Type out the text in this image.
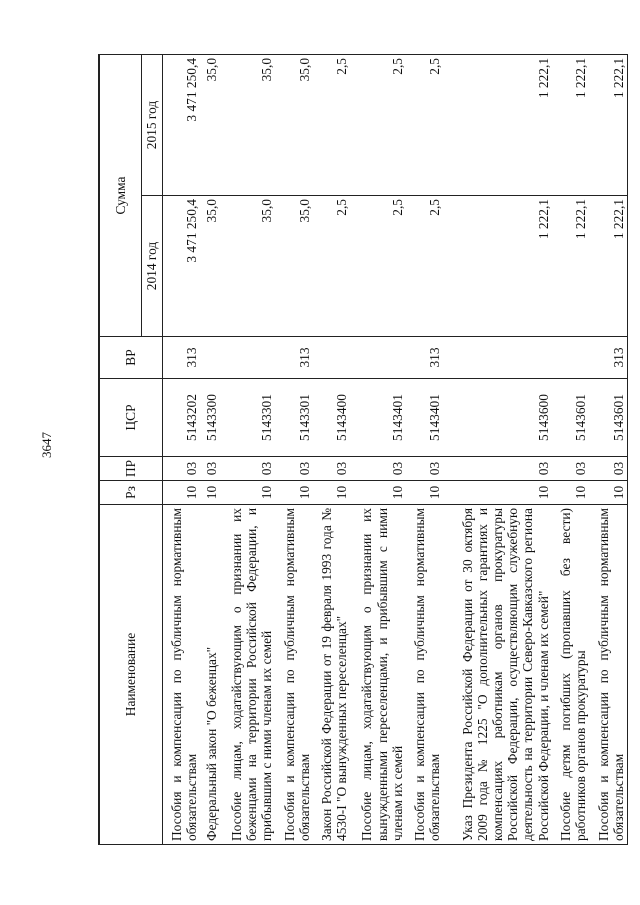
3647
Наименование	Рз	ПР	ЦСР	ВР	Сумма	
					2014 год	2015 год
Пособия и компенсации по публичным нормативным обязательствам	10	03	5143202	313	3 471 250,4	3 471 250,4
Федеральный закон "О беженцах"	10	03	5143300		35,0	35,0
Пособие лицам, ходатайствующим о признании их беженцами на территории Российской Федерации, и прибывшим с ними членам их семей	10	03	5143301		35,0	35,0
Пособия и компенсации по публичным нормативным обязательствам	10	03	5143301	313	35,0	35,0
Закон Российской Федерации от 19 февраля 1993 года № 4530-I "О вынужденных переселенцах"	10	03	5143400		2,5	2,5
Пособие лицам, ходатайствующим о признании их вынужденными переселенцами, и прибывшим с ними членам их семей	10	03	5143401		2,5	2,5
Пособия и компенсации по публичным нормативным обязательствам	10	03	5143401	313	2,5	2,5
Указ Президента Российской Федерации от 30 октября 2009 года № 1225 "О дополнительных гарантиях и компенсациях работникам органов прокуратуры Российской Федерации, осуществляющим служебную деятельность на территории Северо-Кавказского региона Российской Федерации, и членам их семей"	10	03	5143600		1 222,1	1 222,1
Пособие детям погибших (пропавших без вести) работников органов прокуратуры	10	03	5143601		1 222,1	1 222,1
Пособия и компенсации по публичным нормативным обязательствам	10	03	5143601	313	1 222,1	1 222,1
